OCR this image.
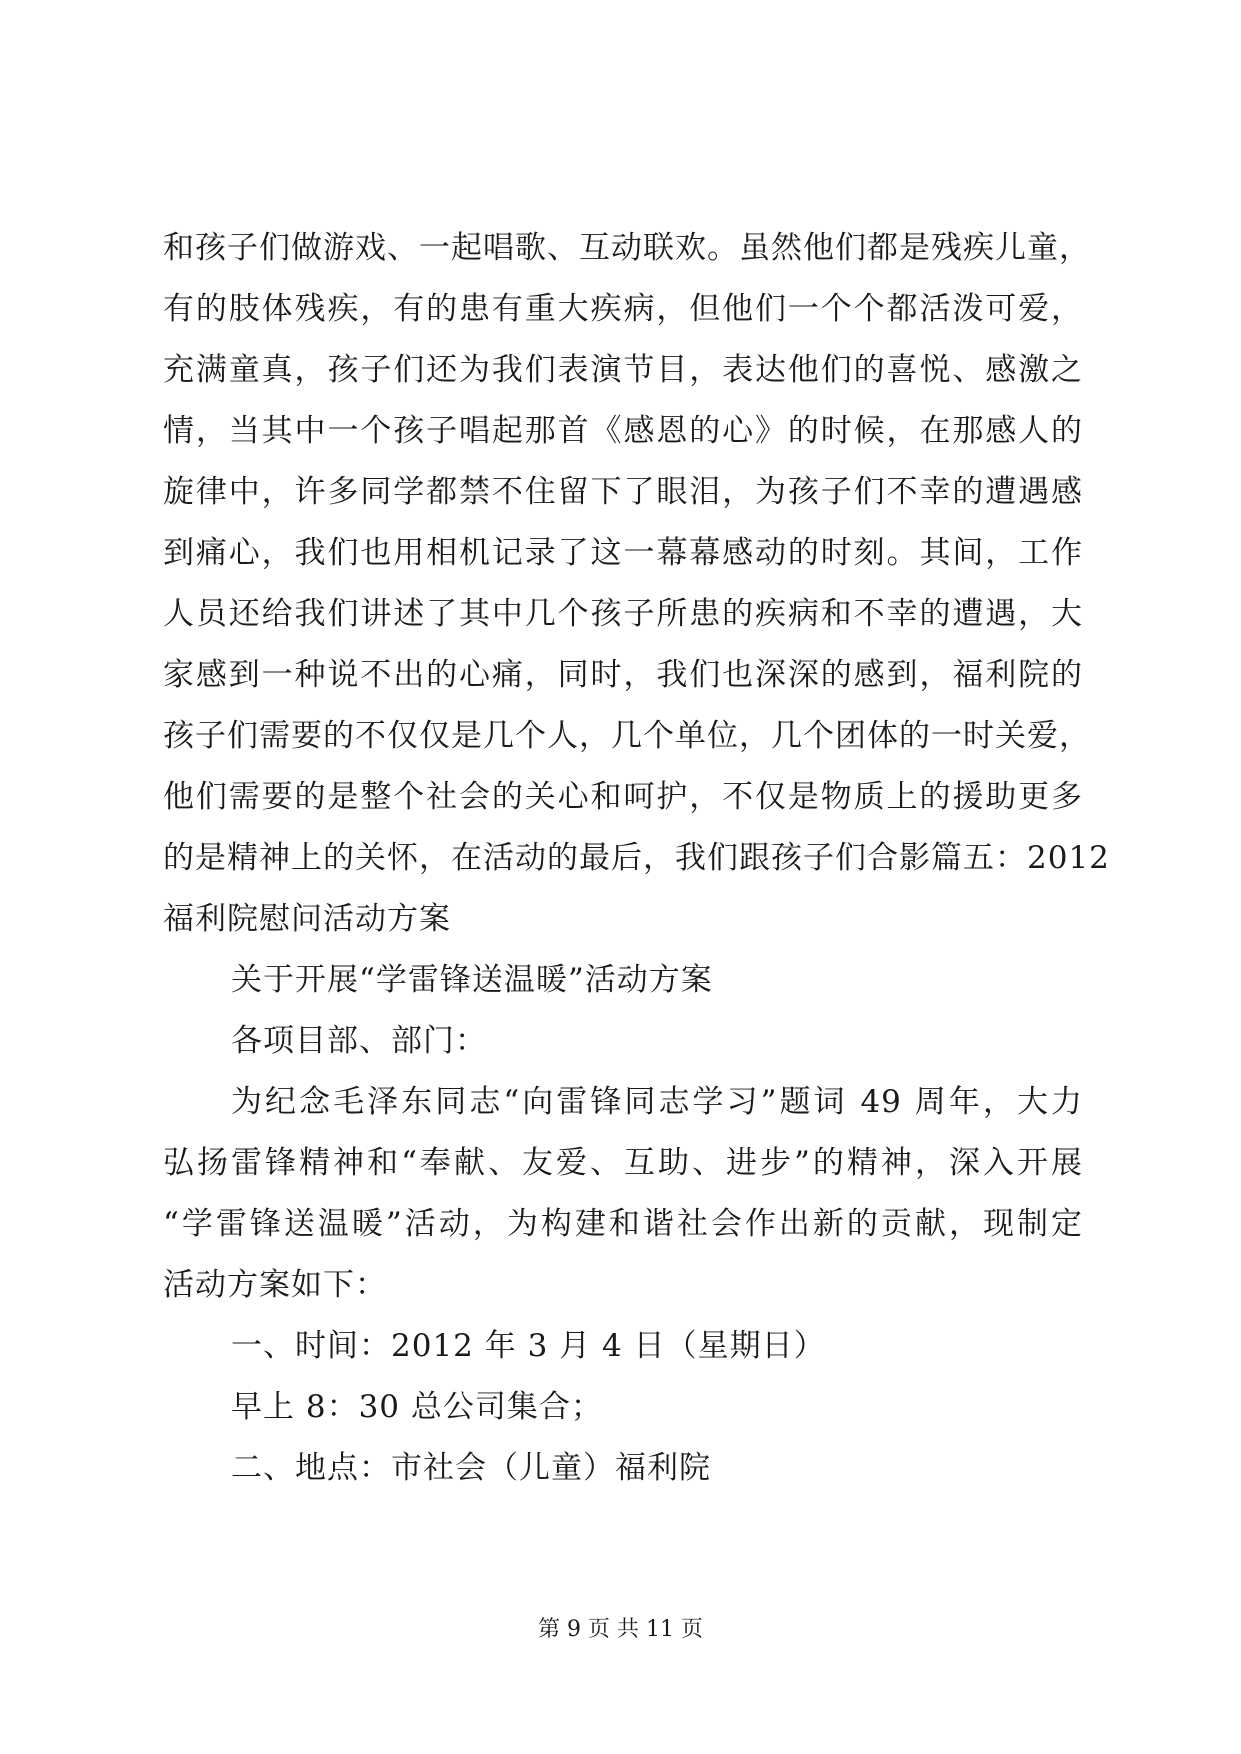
和孩子们做游戏、一起唱歌、互动联欢。虽然他们都是残疾儿童，
有的肢体残疾，有的患有重大疾病，但他们一个个都活泼可爱，
充满童真，孩子们还为我们表演节目，表达他们的喜悦、感激之
情，当其中一个孩子唱起那首《感恩的心》的时候，在那感人的
旋律中，许多同学都禁不住留下了眼泪，为孩子们不幸的遭遇感
到痛心，我们也用相机记录了这一幕幕感动的时刻。其间，工作
人员还给我们讲述了其中几个孩子所患的疾病和不幸的遭遇，大
家感到一种说不出的心痛，同时，我们也深深的感到，福利院的
孩子们需要的不仅仅是几个人，几个单位，几个团体的一时关爱，
他们需要的是整个社会的关心和呵护，不仅是物质上的援助更多
的是精神上的关怀，在活动的最后，我们跟孩子们合影篇五：2012
福利院慰问活动方案
关于开展“学雷锋送温暖”活动方案
各项目部、部门：
为纪念毛泽东同志“向雷锋同志学习”题词 49 周年，大力
弘扬雷锋精神和“奉献、友爱、互助、进步”的精神，深入开展
“学雷锋送温暖”活动，为构建和谐社会作出新的贡献，现制定
活动方案如下：
一、时间：2012 年 3 月 4 日（星期日）
早上 8：30 总公司集合；
二、地点：市社会（儿童）福利院
第 9 页 共 11 页
